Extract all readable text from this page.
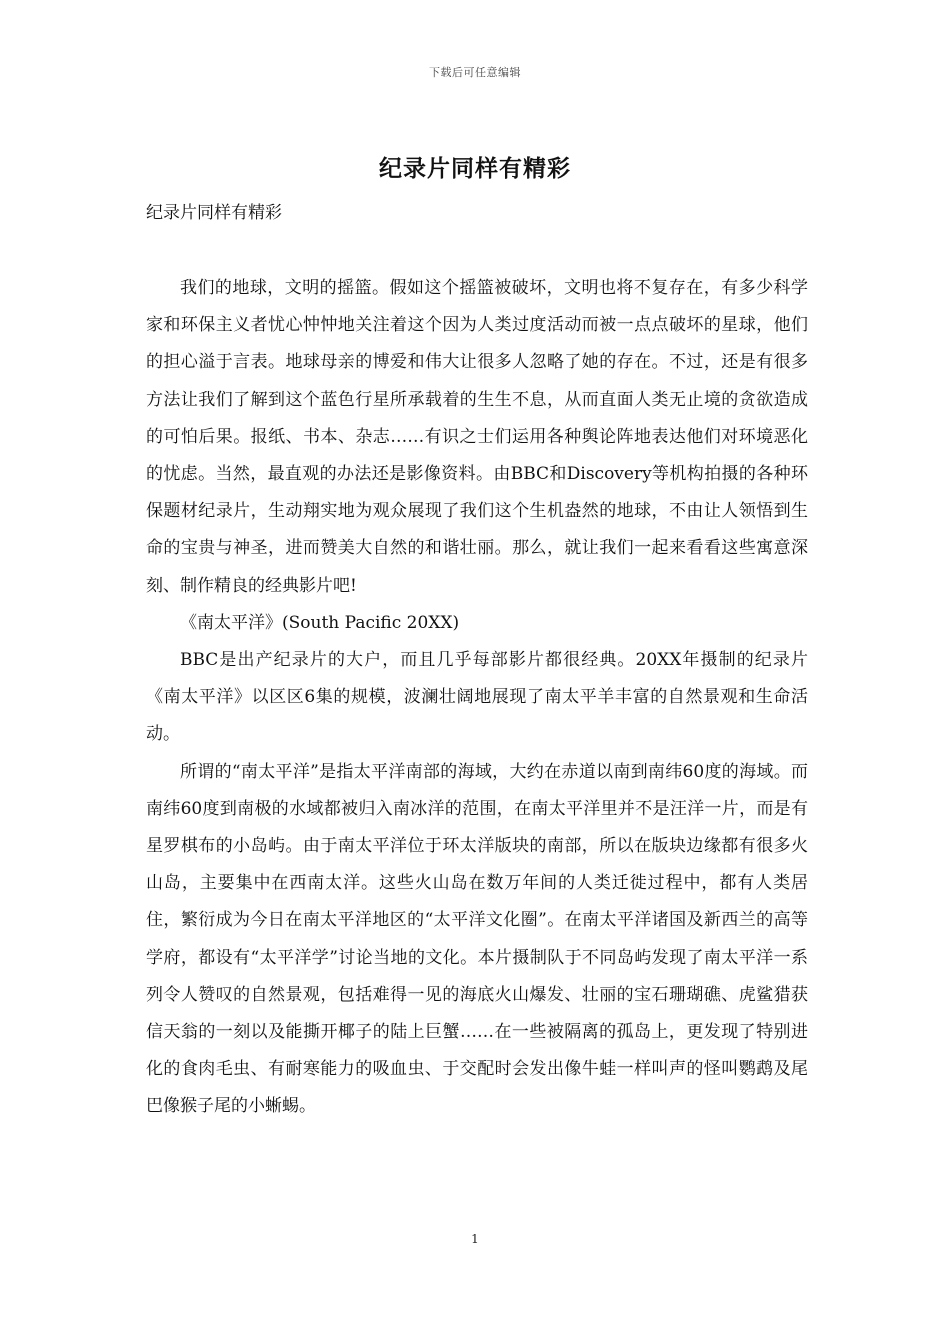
下载后可任意编辑
纪录片同样有精彩

纪录片同样有精彩

我们的地球，文明的摇篮。假如这个摇篮被破坏，文明也将不复存在，有多少科学家和环保主义者忧心忡忡地关注着这个因为人类过度活动而被一点点破坏的星球，他们的担心溢于言表。地球母亲的博爱和伟大让很多人忽略了她的存在。不过，还是有很多方法让我们了解到这个蓝色行星所承载着的生生不息，从而直面人类无止境的贪欲造成的可怕后果。报纸、书本、杂志……有识之士们运用各种舆论阵地表达他们对环境恶化的忧虑。当然，最直观的办法还是影像资料。由BBC和Discovery等机构拍摄的各种环保题材纪录片，生动翔实地为观众展现了我们这个生机盎然的地球，不由让人领悟到生命的宝贵与神圣，进而赞美大自然的和谐壮丽。那么，就让我们一起来看看这些寓意深刻、制作精良的经典影片吧!

《南太平洋》(South Pacific 20XX)

BBC是出产纪录片的大户，而且几乎每部影片都很经典。20XX年摄制的纪录片《南太平洋》以区区6集的规模，波澜壮阔地展现了南太平羊丰富的自然景观和生命活动。

所谓的“南太平洋”是指太平洋南部的海域，大约在赤道以南到南纬60度的海域。而南纬60度到南极的水域都被归入南冰洋的范围，在南太平洋里并不是汪洋一片，而是有星罗棋布的小岛屿。由于南太平洋位于环太洋版块的南部，所以在版块边缘都有很多火山岛，主要集中在西南太洋。这些火山岛在数万年间的人类迁徙过程中，都有人类居住，繁衍成为今日在南太平洋地区的“太平洋文化圈”。在南太平洋诸国及新西兰的高等学府，都设有“太平洋学”讨论当地的文化。本片摄制队于不同岛屿发现了南太平洋一系列令人赞叹的自然景观，包括难得一见的海底火山爆发、壮丽的宝石珊瑚礁、虎鲨猎获信天翁的一刻以及能撕开椰子的陆上巨蟹……在一些被隔离的孤岛上，更发现了特别进化的食肉毛虫、有耐寒能力的吸血虫、于交配时会发出像牛蛙一样叫声的怪叫鹦鹉及尾巴像猴子尾的小蜥蜴。

1
